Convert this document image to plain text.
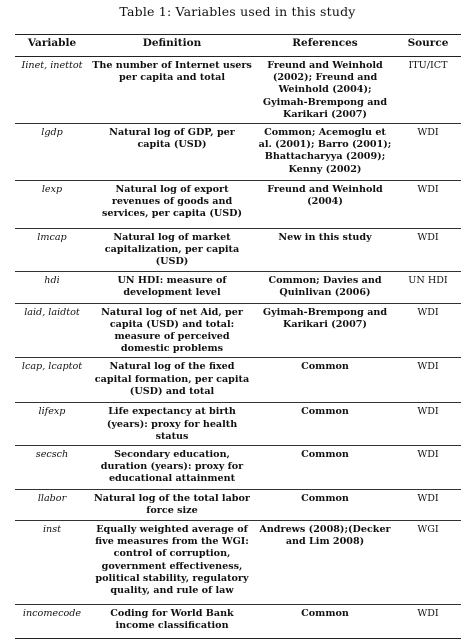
Table 1: Variables used in this study
Variable	Definition	References	Source
Iinet, inettot	The number of Internet users per capita and total	Freund and Weinhold (2002); Freund and Weinhold (2004); Gyimah-Brempong and Karikari (2007)	ITU/ICT
lgdp	Natural log of GDP, per capita (USD)	Common; Acemoglu et al. (2001); Barro (2001); Bhattacharyya (2009); Kenny (2002)	WDI
lexp	Natural log of export revenues of goods and services, per capita (USD)	Freund and Weinhold (2004)	WDI
lmcap	Natural log of market capitalization, per capita (USD)	New in this study	WDI
hdi	UN HDI: measure of development level	Common; Davies and Quinlivan (2006)	UN HDI
laid, laidtot	Natural log of net Aid, per capita (USD) and total: measure of perceived domestic problems	Gyimah-Brempong and Karikari (2007)	WDI
lcap, lcaptot	Natural log of the fixed capital formation, per capita (USD) and total	Common	WDI
lifexp	Life expectancy at birth (years): proxy for health status	Common	WDI
secsch	Secondary education, duration (years): proxy for educational attainment	Common	WDI
llabor	Natural log of the total labor force size	Common	WDI
inst	Equally weighted average of five measures from the WGI: control of corruption, government effectiveness, political stability, regulatory quality, and rule of law	Andrews (2008);(Decker and Lim 2008)	WGI
incomecode	Coding for World Bank income classification	Common	WDI
